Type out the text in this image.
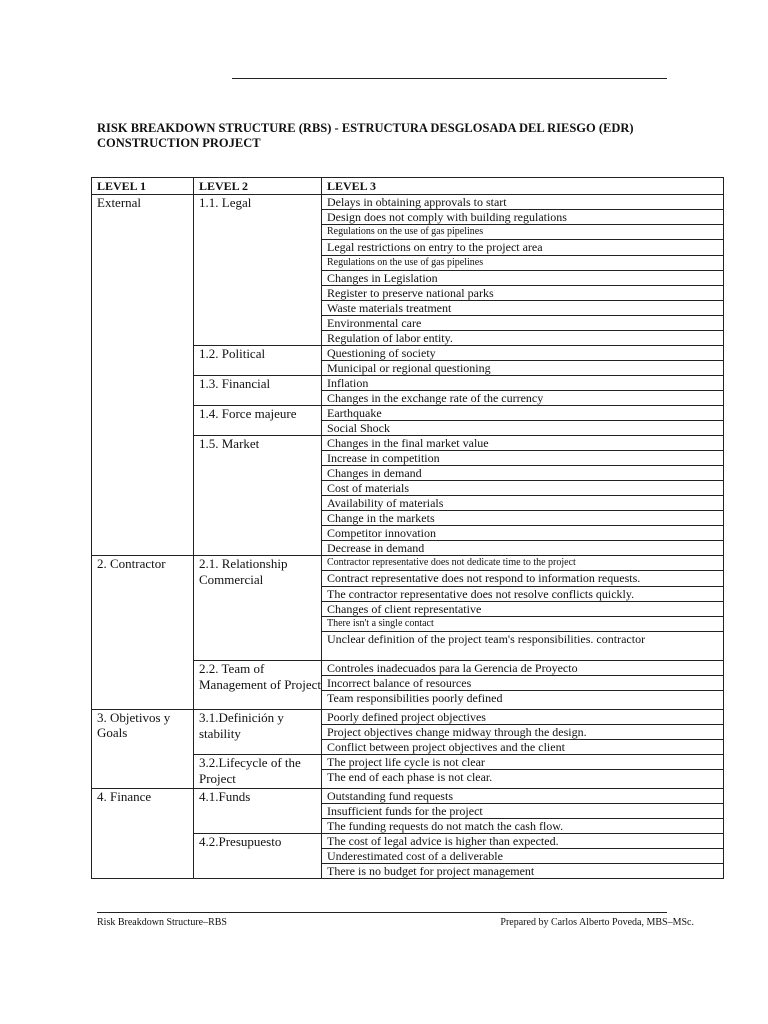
RISK BREAKDOWN STRUCTURE (RBS) - ESTRUCTURA DESGLOSADA DEL RIESGO (EDR)
CONSTRUCTION PROJECT
LEVEL 1	LEVEL 2	LEVEL 3
External	1.1. Legal	Delays in obtaining approvals to start
		Design does not comply with building regulations
		Regulations on the use of gas pipelines
		Legal restrictions on entry to the project area
		Regulations on the use of gas pipelines
		Changes in Legislation
		Register to preserve national parks
		Waste materials treatment
		Environmental care
		Regulation of labor entity.
	1.2. Political	Questioning of society
		Municipal or regional questioning
	1.3. Financial	Inflation
		Changes in the exchange rate of the currency
	1.4. Force majeure	Earthquake
		Social Shock
	1.5. Market	Changes in the final market value
		Increase in competition
		Changes in demand
		Cost of materials
		Availability of materials
		Change in the markets
		Competitor innovation
		Decrease in demand
2. Contractor	2.1. Relationship Commercial	Contractor representative does not dedicate time to the project
		Contract representative does not respond to information requests.
		The contractor representative does not resolve conflicts quickly.
		Changes of client representative
		There isn't a single contact
		Unclear definition of the project team's responsibilities. contractor
	2.2. Team of Management of Project	Controles inadecuados para la Gerencia de Proyecto
		Incorrect balance of resources
		Team responsibilities poorly defined
3. Objetivos y Goals	3.1.Definición y stability	Poorly defined project objectives
		Project objectives change midway through the design.
		Conflict between project objectives and the client
	3.2.Lifecycle of the Project	The project life cycle is not clear
		The end of each phase is not clear.
4. Finance	4.1.Funds	Outstanding fund requests
		Insufficient funds for the project
		The funding requests do not match the cash flow.
	4.2.Presupuesto	The cost of legal advice is higher than expected.
		Underestimated cost of a deliverable
		There is no budget for project management
Risk Breakdown Structure–RBS	Prepared by Carlos Alberto Poveda, MBS–MSc.
